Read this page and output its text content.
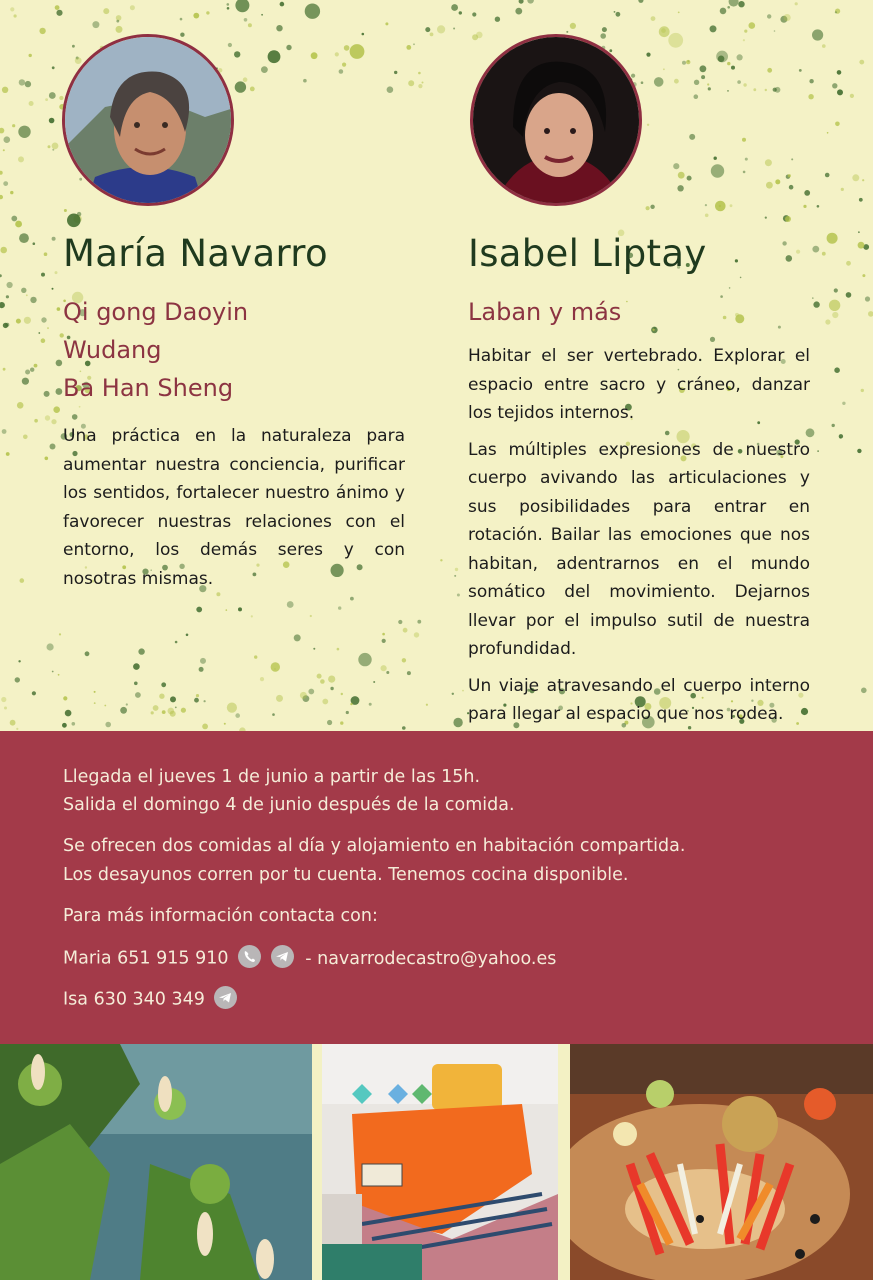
María Navarro
Qi gong Daoyin
Wudang
Ba Han Sheng

Una práctica en la naturaleza para aumentar nuestra conciencia, purificar los sentidos, fortalecer nuestro ánimo y favorecer nuestras relaciones con el entorno, los demás seres y con nosotras mismas.

Isabel Liptay
Laban y más

Habitar el ser vertebrado. Explorar el espacio entre sacro y cráneo, danzar los tejidos internos.

Las múltiples expresiones de nuestro cuerpo avivando las articulaciones y sus posibilidades para entrar en rotación. Bailar las emociones que nos habitan, adentrarnos en el mundo somático del movimiento. Dejarnos llevar por el impulso sutil de nuestra profundidad.

Un viaje atravesando el cuerpo interno para llegar al espacio que nos rodea.

Llegada el jueves 1 de junio a partir de las 15h.
Salida el domingo 4 de junio después de la comida.
Se ofrecen dos comidas al día y alojamiento en habitación compartida.
Los desayunos corren por tu cuenta. Tenemos cocina disponible.
Para más información contacta con:
Maria 651 915 910
	- navarrodecastro@yahoo.es
Isa 630 340 349
